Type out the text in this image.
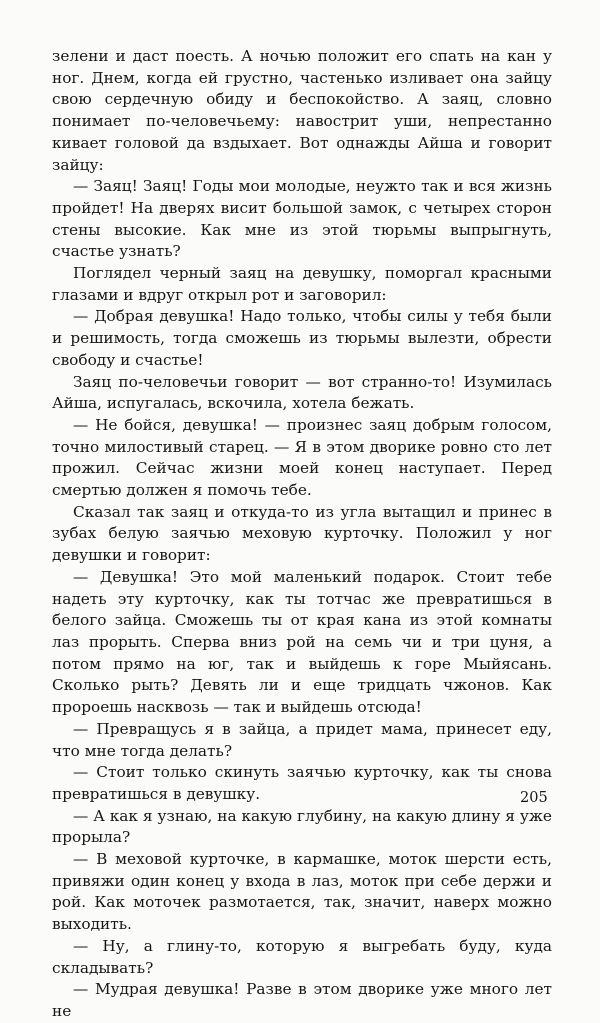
зелени и даст поесть. А ночью положит его спать на кан у ног. Днем, когда ей грустно, частенько изливает она зайцу свою сердечную обиду и беспокойство. А заяц, словно понимает по-человечьему: навострит уши, непрестанно кивает головой да вздыхает. Вот однажды Айша и говорит зайцу:

— Заяц! Заяц! Годы мои молодые, неужто так и вся жизнь пройдет! На дверях висит большой замок, с четырех сторон стены высокие. Как мне из этой тюрьмы выпрыгнуть, счастье узнать?

Поглядел черный заяц на девушку, поморгал красными глазами и вдруг открыл рот и заговорил:

— Добрая девушка! Надо только, чтобы силы у тебя были и решимость, тогда сможешь из тюрьмы вылезти, обрести свободу и счастье!

Заяц по-человечьи говорит — вот странно-то! Изумилась Айша, испугалась, вскочила, хотела бежать.

— Не бойся, девушка! — произнес заяц добрым голосом, точно милостивый старец. — Я в этом дворике ровно сто лет прожил. Сейчас жизни моей конец наступает. Перед смертью должен я помочь тебе.

Сказал так заяц и откуда-то из угла вытащил и принес в зубах белую заячью меховую курточку. Положил у ног девушки и говорит:

— Девушка! Это мой маленький подарок. Стоит тебе надеть эту курточку, как ты тотчас же превратишься в белого зайца. Сможешь ты от края кана из этой комнаты лаз прорыть. Сперва вниз рой на семь чи и три цуня, а потом прямо на юг, так и выйдешь к горе Мыйясань. Сколько рыть? Девять ли и еще тридцать чжонов. Как пророешь насквозь — так и выйдешь отсюда!

— Превращусь я в зайца, а придет мама, принесет еду, что мне тогда делать?

— Стоит только скинуть заячью курточку, как ты снова превратишься в девушку.

— А как я узнаю, на какую глубину, на какую длину я уже прорыла?

— В меховой курточке, в кармашке, моток шерсти есть, привяжи один конец у входа в лаз, моток при себе держи и рой. Как моточек размотается, так, значит, наверх можно выходить.

— Ну, а глину-то, которую я выгребать буду, куда складывать?

— Мудрая девушка! Разве в этом дворике уже много лет не

205
